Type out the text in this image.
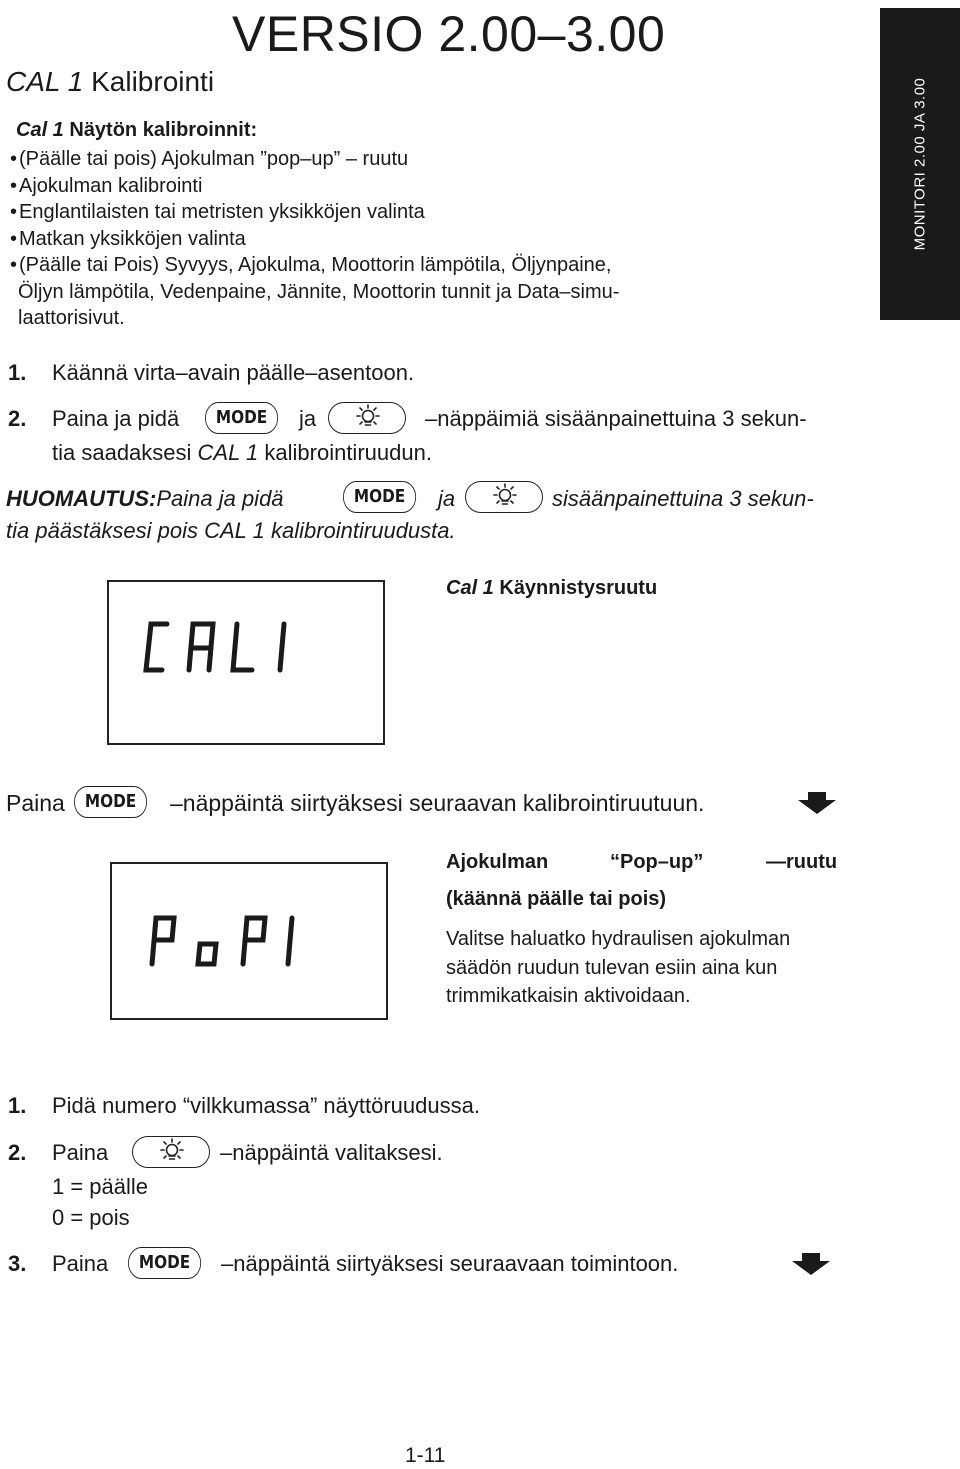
VERSIO 2.00–3.00
CAL 1 Kalibrointi	MONITORI 2.00 JA 3.00
Cal 1 Näytön kalibroinnit:
• (Päälle tai pois) Ajokulman ”pop–up” – ruutu
• Ajokulman kalibrointi
• Englantilaisten tai metristen yksikköjen valinta
• Matkan yksikköjen valinta
• (Päälle tai Pois) Syvyys, Ajokulma, Moottorin lämpötila, Öljynpaine,
Öljyn lämpötila, Vedenpaine, Jännite, Moottorin tunnit ja Data–simu-
laattorisivut.
1. Käännä virta–avain päälle–asentoon.
2. Paina ja pidä	MODE	ja	–näppäimiä sisäänpainettuina 3 sekun-
tia saadaksesi CAL 1 kalibrointiruudun.
HUOMAUTUS:Paina ja pidä	MODE	ja	sisäänpainettuina 3 sekun-
tia päästäksesi pois CAL 1 kalibrointiruudusta.
Cal 1 Käynnistysruutu
Paina	MODE	–näppäintä siirtyäksesi seuraavan kalibrointiruutuun.
Ajokulman	“Pop–up”	—ruutu
(käännä päälle tai pois)
Valitse haluatko hydraulisen ajokulman
säädön ruudun tulevan esiin aina kun
trimmikatkaisin aktivoidaan.
1. Pidä numero “vilkkumassa” näyttöruudussa.
2. Paina	–näppäintä valitaksesi.
1 = päälle
0 = pois
3. Paina	MODE	–näppäintä siirtyäksesi seuraavaan toimintoon.
1-11
